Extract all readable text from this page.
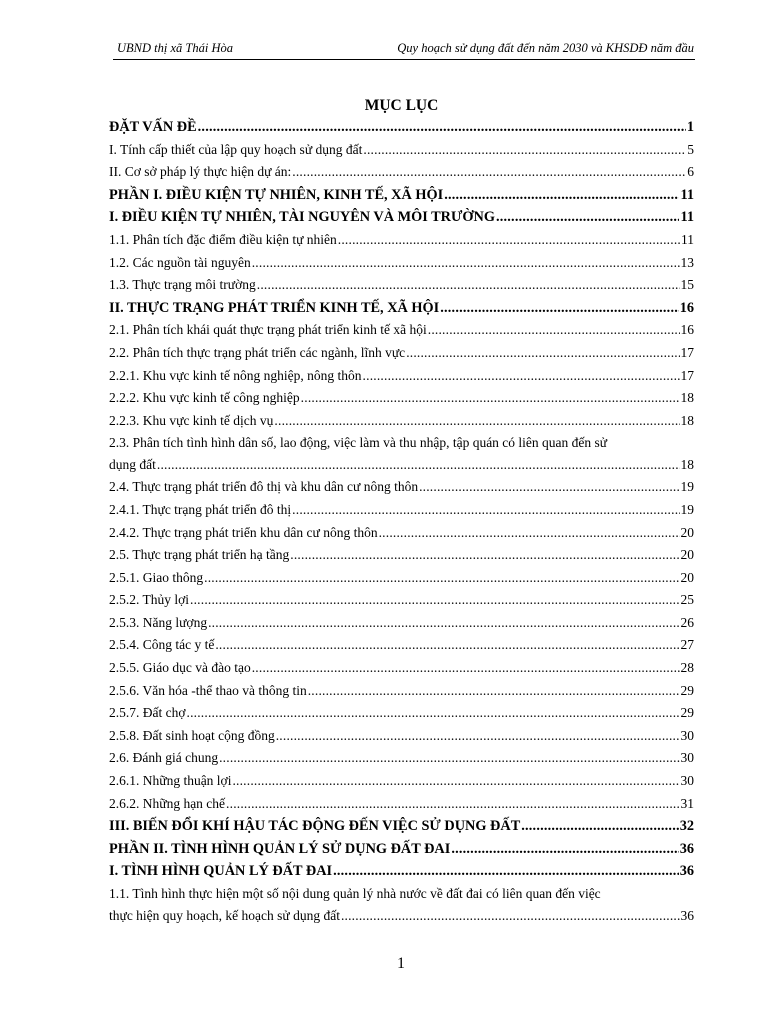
UBND thị xã Thái Hòa	Quy hoạch sử dụng đất đến năm 2030 và KHSDĐ năm đầu
MỤC LỤC
ĐẶT VẤN ĐỀ .....	1
I. Tính cấp thiết của lập quy hoạch sử dụng đất .....	5
II. Cơ sở pháp lý thực hiện dự án: .....	6
PHẦN I. ĐIỀU KIỆN TỰ NHIÊN, KINH TẾ, XÃ HỘI .....	11
I. ĐIỀU KIỆN TỰ NHIÊN, TÀI NGUYÊN VÀ MÔI TRƯỜNG .....	11
1.1. Phân tích đặc điểm điều kiện tự nhiên .....	11
1.2. Các nguồn tài nguyên .....	13
1.3. Thực trạng môi trường .....	15
II. THỰC TRẠNG PHÁT TRIỂN KINH TẾ, XÃ HỘI .....	16
2.1. Phân tích khái quát thực trạng phát triển kinh tế xã hội .....	16
2.2. Phân tích thực trạng phát triển các ngành, lĩnh vực .....	17
2.2.1. Khu vực kinh tế nông nghiệp, nông thôn .....	17
2.2.2. Khu vực kinh tế công nghiệp .....	18
2.2.3. Khu vực kinh tế dịch vụ .....	18
2.3. Phân tích tình hình dân số, lao động, việc làm và thu nhập, tập quán có liên quan đến sử
dụng đất .....	18
2.4. Thực trạng phát triển đô thị và khu dân cư nông thôn .....	19
2.4.1. Thực trạng phát triển đô thị .....	19
2.4.2. Thực trạng phát triển khu dân cư nông thôn .....	20
2.5. Thực trạng phát triển hạ tầng .....	20
2.5.1. Giao thông .....	20
2.5.2. Thủy lợi .....	25
2.5.3. Năng lượng .....	26
2.5.4. Công tác y tế .....	27
2.5.5. Giáo dục và đào tạo .....	28
2.5.6. Văn hóa -thể thao và thông tin .....	29
2.5.7. Đất chợ .....	29
2.5.8. Đất sinh hoạt cộng đồng .....	30
2.6. Đánh giá chung .....	30
2.6.1. Những thuận lợi .....	30
2.6.2. Những hạn chế .....	31
III. BIẾN ĐỔI KHÍ HẬU TÁC ĐỘNG ĐẾN VIỆC SỬ DỤNG ĐẤT .....	32
PHẦN II. TÌNH HÌNH QUẢN LÝ SỬ DỤNG ĐẤT ĐAI .....	36
I. TÌNH HÌNH QUẢN LÝ ĐẤT ĐAI .....	36
1.1. Tình hình thực hiện một số nội dung quản lý nhà nước về đất đai có liên quan đến việc
thực hiện quy hoạch, kế hoạch sử dụng đất .....	36
1
